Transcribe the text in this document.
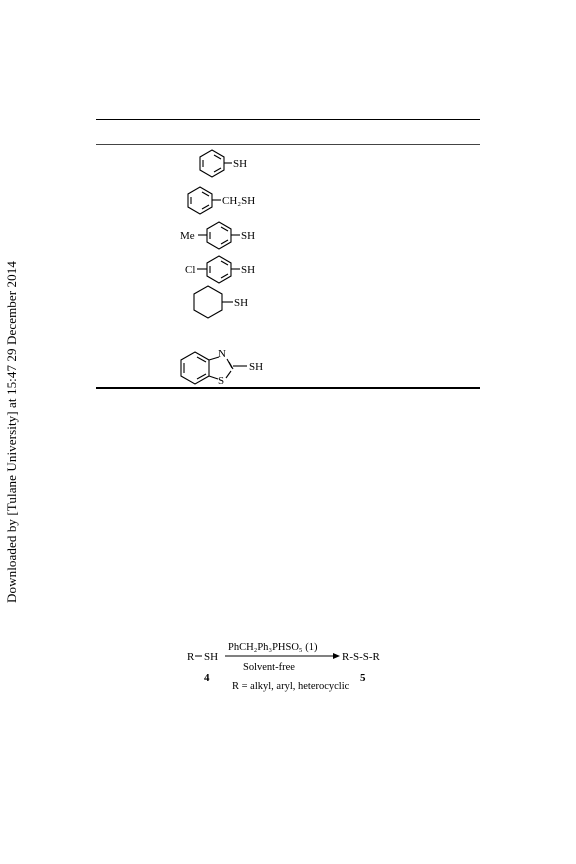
Downloaded by [Tulane University] at 15:47 29 December 2014
SH
CH₂SH
Me	SH
Cl	SH
SH
N
S
SH
R SH
4
PhCH₂Ph₃PHSO₅ (1)
Solvent-free
R-S-S-R
5
R = alkyl, aryl, heterocyclic
